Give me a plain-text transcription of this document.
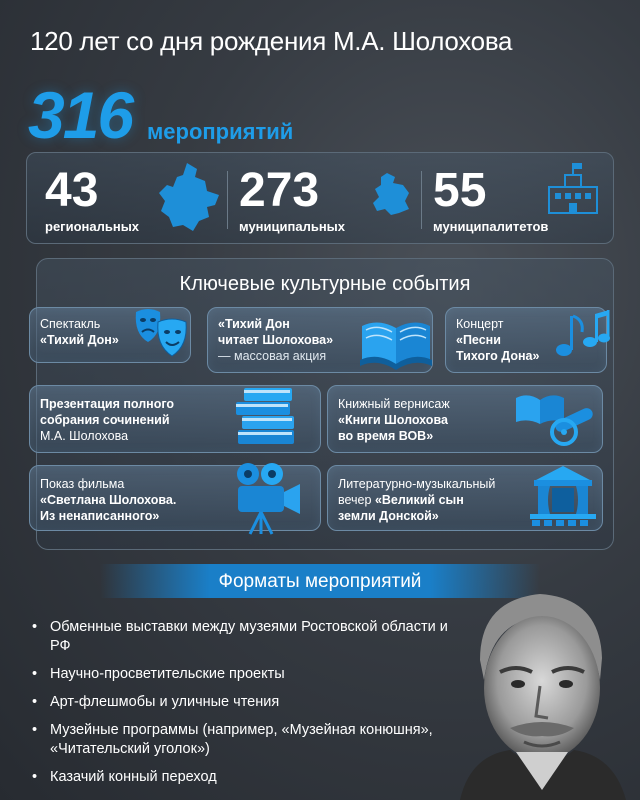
120 лет со дня рождения М.А. Шолохова
316 мероприятий
43
региональных
273
муниципальных
55
муниципалитетов
Ключевые культурные события
Спектакль
«Тихий Дон»
«Тихий Дон
читает Шолохова»
— массовая акция
Концерт
«Песни
Тихого Дона»
Презентация полного
собрания сочинений
М.А. Шолохова
Книжный вернисаж
«Книги Шолохова
во время ВОВ»
Показ фильма
«Светлана Шолохова.
Из ненаписанного»
Литературно-музыкальный
вечер «Великий сын
земли Донской»
Форматы мероприятий
• Обменные выставки между музеями Ростовской области и РФ
• Научно-просветительские проекты
• Арт-флешмобы и уличные чтения
• Музейные программы (например, «Музейная конюшня», «Читательский уголок»)
• Казачий конный переход
